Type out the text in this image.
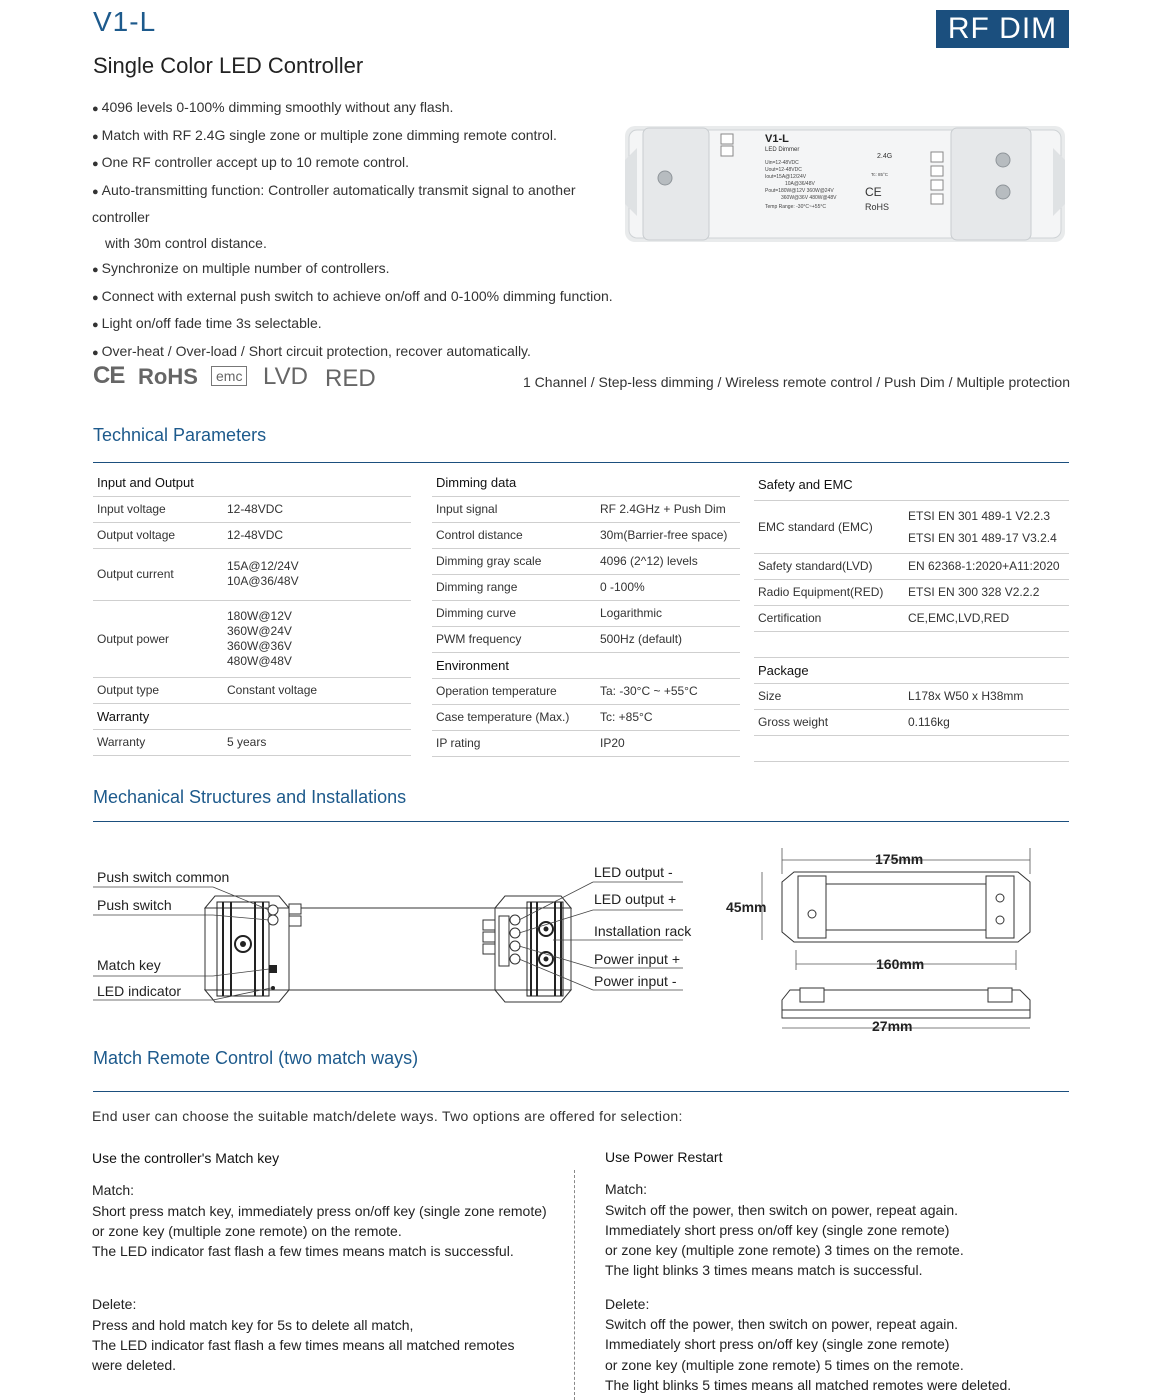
V1-L	RF DIM
Single Color LED Controller
● 4096 levels 0-100% dimming smoothly without any flash.
● Match with RF 2.4G single zone or multiple zone dimming remote control.
● One RF controller accept up to 10 remote control.
● Auto-transmitting function: Controller automatically transmit signal to another controller
with 30m control distance.
● Synchronize on multiple number of controllers.
● Connect with external push switch to achieve on/off and 0-100% dimming function.
● Light on/off fade time 3s selectable.
● Over-heat / Over-load / Short circuit protection, recover automatically.
V1-L
LED Dimmer
Uin=12-48VDC
Uout=12-48VDC
Iout=15A@12/24V
10A@36/48V
Pout=180W@12V 360W@24V
360W@36V 480W@48V
Temp Range: -30°C~+55°C
2.4G
Tc: 85°C
CE
RoHS
CE RoHS	emc LVD RED	1 Channel / Step-less dimming / Wireless remote control / Push Dim / Multiple protection
Technical Parameters
Input and Output	
Input voltage	12-48VDC
Output voltage	12-48VDC
Output current	15A@12/24V
10A@36/48V
Output power	180W@12V
360W@24V
360W@36V
480W@48V
Output type	Constant voltage
Warranty	
Warranty	5 years
Dimming data	
Input signal	RF 2.4GHz + Push Dim
Control distance	30m(Barrier-free space)
Dimming gray scale	4096 (2^12) levels
Dimming range	0 -100%
Dimming curve	Logarithmic
PWM frequency	500Hz (default)
Environment	
Operation temperature	Ta: -30°C ~ +55°C
Case temperature (Max.)	Tc: +85°C
IP rating	IP20
Safety and EMC	
EMC standard (EMC)	ETSI EN 301 489-1 V2.2.3
ETSI EN 301 489-17 V3.2.4
Safety standard(LVD)	EN 62368-1:2020+A11:2020
Radio Equipment(RED)	ETSI EN 300 328 V2.2.2
Certification	CE,EMC,LVD,RED

Package	
Size	L178x W50 x H38mm
Gross weight	0.116kg

Mechanical Structures and Installations
Push switch common
Push switch
Match key
LED indicator
LED output -
LED output +
Installation rack
Power input +
Power input -
175mm
45mm
160mm
27mm
Match Remote Control (two match ways)
End user can choose the suitable match/delete ways. Two options are offered for selection:
Use the controller's Match key
Match:
Short press match key, immediately press on/off key (single zone remote)
or zone key (multiple zone remote) on the remote.
The LED indicator fast flash a few times means match is successful.
Delete:
Press and hold match key for 5s to delete all match,
The LED indicator fast flash a few times means all matched remotes
were deleted.
Use Power Restart
Match:
Switch off the power, then switch on power, repeat again.
Immediately short press on/off key (single zone remote)
or zone key (multiple zone remote) 3 times on the remote.
The light blinks 3 times means match is successful.
Delete:
Switch off the power, then switch on power, repeat again.
Immediately short press on/off key (single zone remote)
or zone key (multiple zone remote) 5 times on the remote.
The light blinks 5 times means all matched remotes were deleted.
